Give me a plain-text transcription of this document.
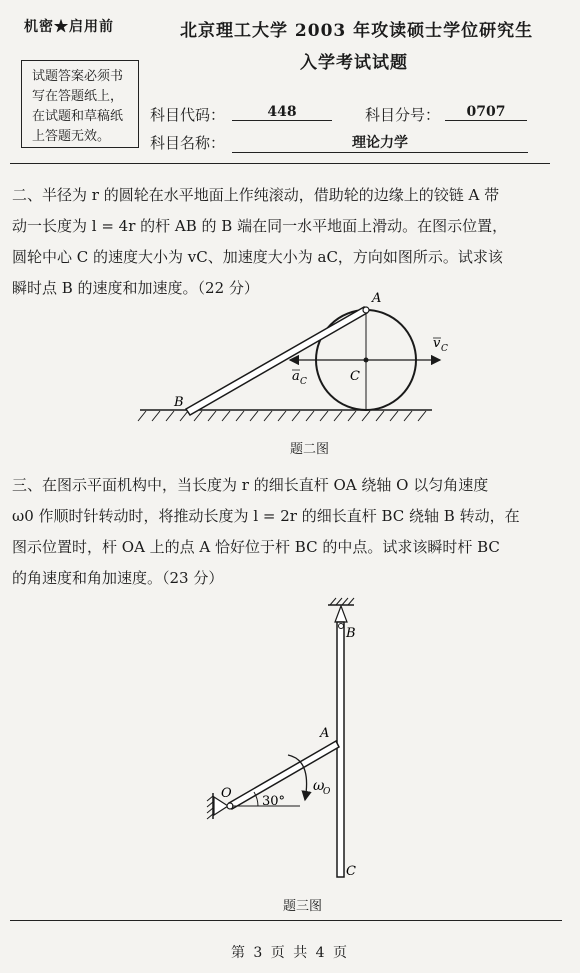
机密★启用前	北京理工大学 2003 年攻读硕士学位研究生
入学考试试题
试题答案必须书
写在答题纸上，
在试题和草稿纸
上答题无效。
科目代码：	448	科目分号：	0707
科目名称：	理论力学

二、半径为 r 的圆轮在水平地面上作纯滚动，借助轮的边缘上的铰链 A 带

动一长度为 l = 4r 的杆 AB 的 B 端在同一水平地面上滑动。在图示位置，

圆轮中心 C 的速度大小为 vC、加速度大小为 aC，方向如图所示。试求该

瞬时点 B 的速度和加速度。（22 分）

A
B
C
v C
a C
题二图

三、在图示平面机构中，当长度为 r 的细长直杆 OA 绕轴 O 以匀角速度

ω0 作顺时针转动时，将推动长度为 l = 2r 的细长直杆 BC 绕轴 B 转动，在

图示位置时，杆 OA 上的点 A 恰好位于杆 BC 的中点。试求该瞬时杆 BC

的角速度和角加速度。（23 分）

B
A
O
C
30°
ω
O
题三图
第 3 页 共 4 页
